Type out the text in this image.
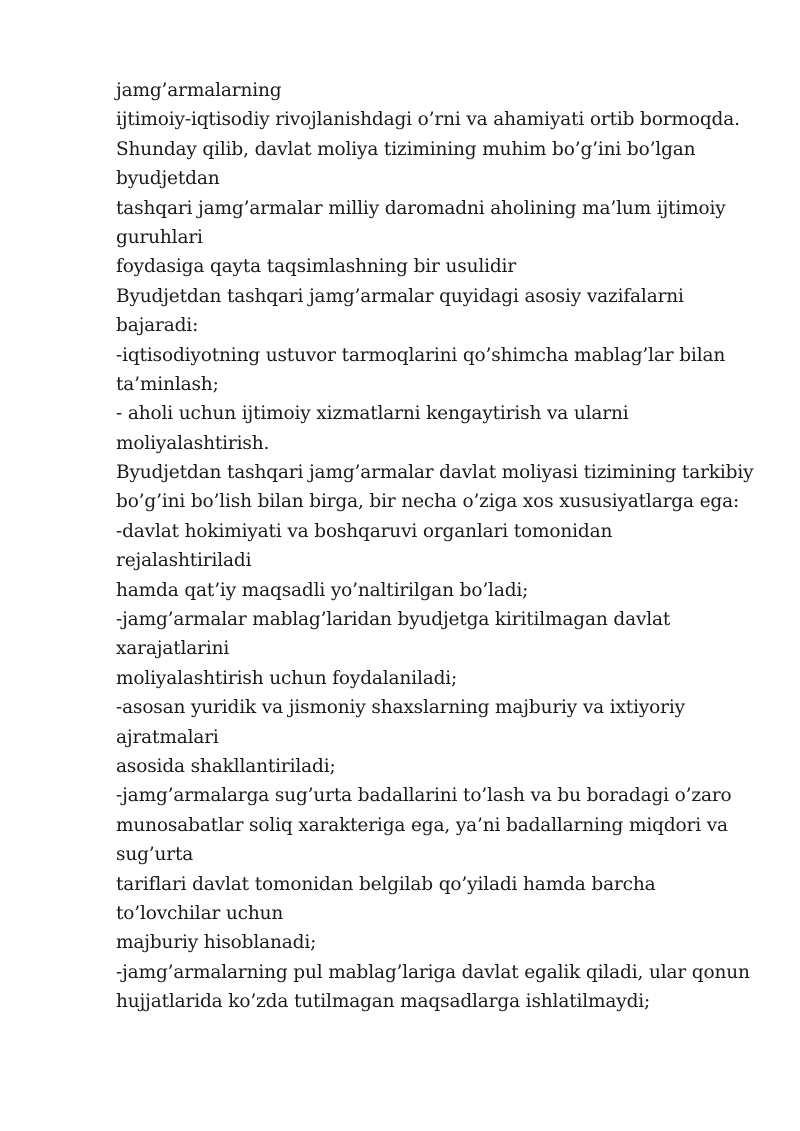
jamg’armalarning
ijtimoiy-iqtisodiy rivojlanishdagi o’rni va ahamiyati ortib bormoqda.
Shunday qilib, davlat moliya tizimining muhim bo’g’ini bo’lgan
byudjetdan
tashqari jamg’armalar milliy daromadni aholining ma’lum ijtimoiy
guruhlari
foydasiga qayta taqsimlashning bir usulidir
Byudjetdan tashqari jamg’armalar quyidagi asosiy vazifalarni
bajaradi:
-iqtisodiyotning ustuvor tarmoqlarini qo’shimcha mablag’lar bilan
ta’minlash;
- aholi uchun ijtimoiy xizmatlarni kengaytirish va ularni
moliyalashtirish.
Byudjetdan tashqari jamg’armalar davlat moliyasi tizimining tarkibiy
bo’g’ini bo’lish bilan birga, bir necha o’ziga xos xususiyatlarga ega:
-davlat hokimiyati va boshqaruvi organlari tomonidan
rejalashtiriladi
hamda qat’iy maqsadli yo’naltirilgan bo’ladi;
-jamg’armalar mablag’laridan byudjetga kiritilmagan davlat
xarajatlarini
moliyalashtirish uchun foydalaniladi;
-asosan yuridik va jismoniy shaxslarning majburiy va ixtiyoriy
ajratmalari
asosida shakllantiriladi;
-jamg’armalarga sug’urta badallarini to’lash va bu boradagi o’zaro
munosabatlar soliq xarakteriga ega, ya’ni badallarning miqdori va
sug’urta
tariflari davlat tomonidan belgilab qo’yiladi hamda barcha
to’lovchilar uchun
majburiy hisoblanadi;
-jamg’armalarning pul mablag’lariga davlat egalik qiladi, ular qonun
hujjatlarida ko’zda tutilmagan maqsadlarga ishlatilmaydi;
